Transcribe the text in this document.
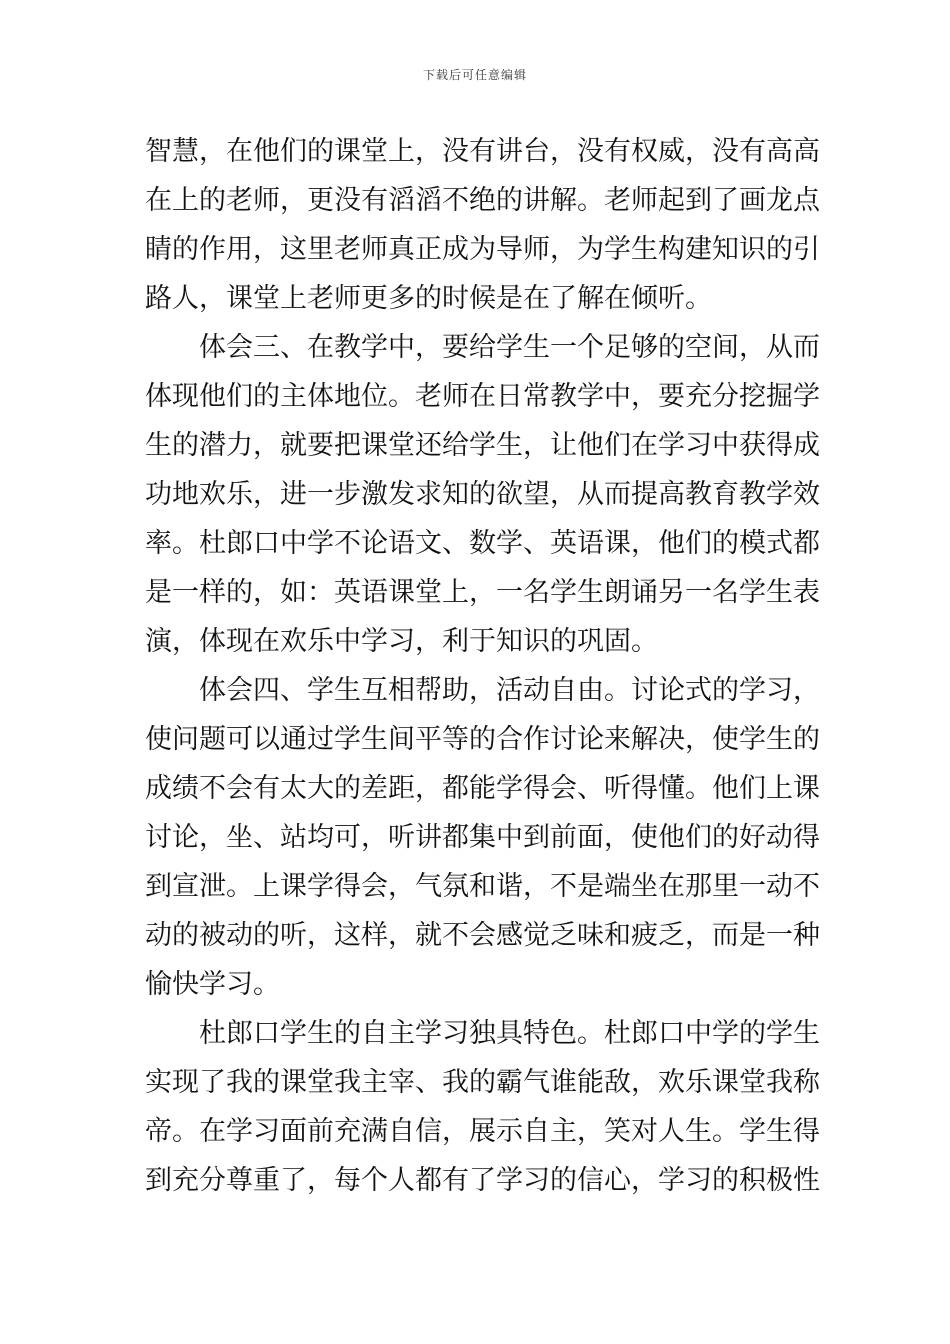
下载后可任意编辑
智慧，在他们的课堂上，没有讲台，没有权威，没有高高
在上的老师，更没有滔滔不绝的讲解。老师起到了画龙点
睛的作用，这里老师真正成为导师，为学生构建知识的引
路人，课堂上老师更多的时候是在了解在倾听。
　　体会三、在教学中，要给学生一个足够的空间，从而
体现他们的主体地位。老师在日常教学中，要充分挖掘学
生的潜力，就要把课堂还给学生，让他们在学习中获得成
功地欢乐，进一步激发求知的欲望，从而提高教育教学效
率。杜郎口中学不论语文、数学、英语课，他们的模式都
是一样的，如：英语课堂上，一名学生朗诵另一名学生表
演，体现在欢乐中学习，利于知识的巩固。
　　体会四、学生互相帮助，活动自由。讨论式的学习，
使问题可以通过学生间平等的合作讨论来解决，使学生的
成绩不会有太大的差距，都能学得会、听得懂。他们上课
讨论，坐、站均可，听讲都集中到前面，使他们的好动得
到宣泄。上课学得会，气氛和谐，不是端坐在那里一动不
动的被动的听，这样，就不会感觉乏味和疲乏，而是一种
愉快学习。
　　杜郎口学生的自主学习独具特色。杜郎口中学的学生
实现了我的课堂我主宰、我的霸气谁能敌，欢乐课堂我称
帝。在学习面前充满自信，展示自主，笑对人生。学生得
到充分尊重了，每个人都有了学习的信心，学习的积极性
